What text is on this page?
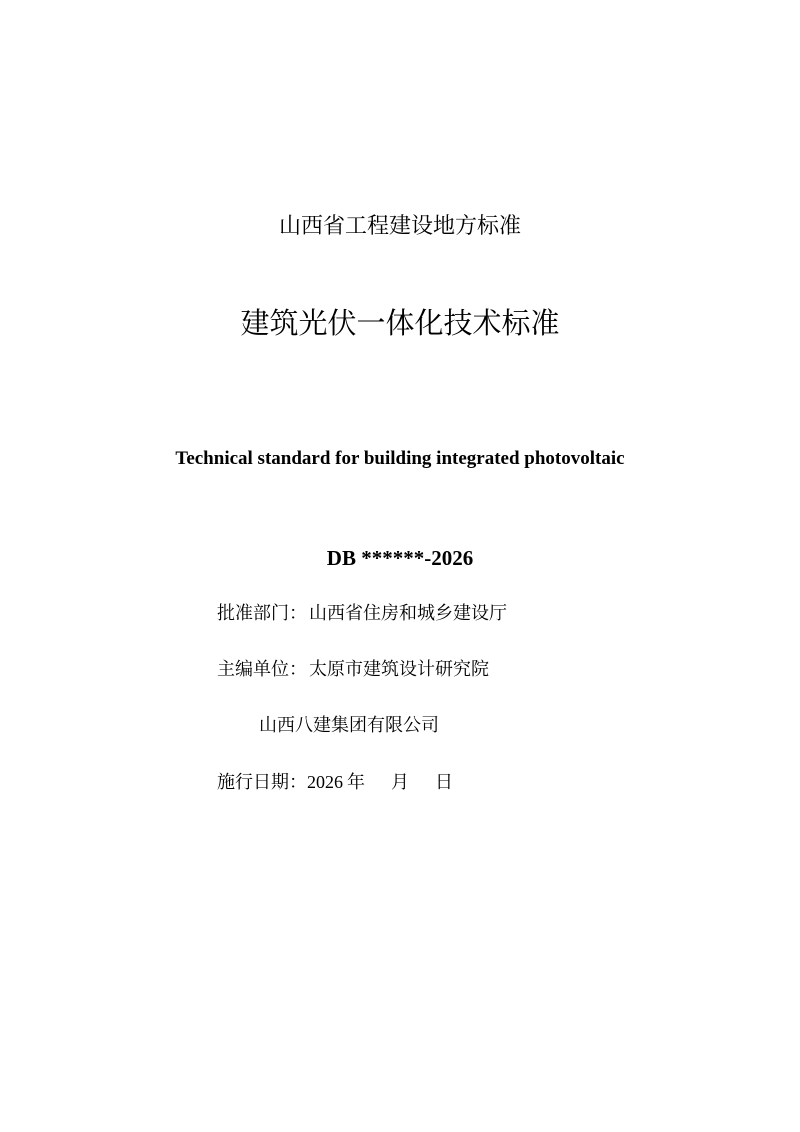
山西省工程建设地方标准
建筑光伏一体化技术标准
Technical standard for building integrated photovoltaic
DB ******-2026
批准部门： 山西省住房和城乡建设厅
主编单位： 太原市建筑设计研究院
山西八建集团有限公司
施行日期：2026 年 月 日
